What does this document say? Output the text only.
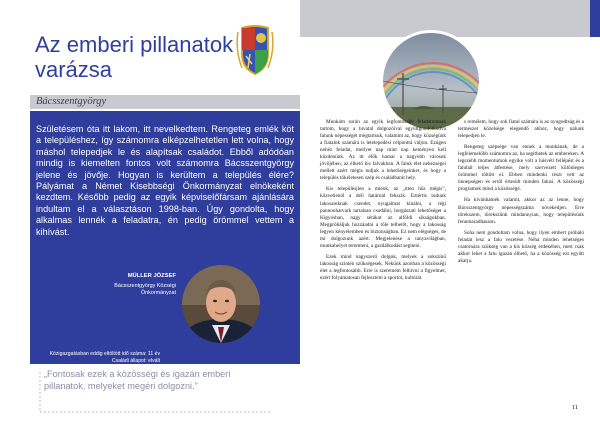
Az emberi pillanatok
varázsa
Bácsszentgyörgy
Születésem óta itt lakom, itt nevelkedtem. Rengeteg emlék köt a településhez, így számomra elképzelhetetlen lett volna, hogy máshol telepedjek le és alapítsak családot. Ebből adódóan mindig is kiemelten fontos volt számomra Bácsszentgyörgy jelene és jövője. Hogyan is kerültem a település élére? Pályámat a Német Kisebbségi Önkormányzat elnökeként kezdtem. Később pedig az egyik képviselőfársam ajánlására indultam el a választáson 1998-ban. Úgy gondolta, hogy alkalmas lennék a feladatra, én pedig örömmel vettem a kihívást.
MÜLLER JÓZSEF
Bácsszentgyörgy Községi Önkormányzat
Közigazgatásban eddig eltöltött idő száma: 11 év
Családi állapot: elvált
Gyermekek száma: 2
„Fontosak ezek a közösségi és igazán emberi pillanatok, melyeket megéri dolgozni.”

Munkám során az egyik legfontosabb feladatomnak tartom, hogy a hivatal dolgozóival együttgondolkodva falunk népességét megtartsuk, valamint az, hogy községünk a fiatalok számára is letelepedési célponttá váljon. Ezúgen nehéz feladat, mellyet nap mint nap keményen kell küzdenünk. Az itt élők hamar a nagyobb városok jövőjében, az élhető kis falvakban. A faluk élet nehézségei mellett azért mégis tudjuk a lehetőségeinket, és hogy a település tökéletesen szép és családbarát hely.

Kis településjlen a miénk, az „itten hűs mégis”, közvetlenül a déli határnál fekszik. Eztértis tudunk lakosainknak csendet, nyugalmat kínálni, a régi pannonhatvark tartalsan csodálni, horgászati lehetőséget a Kígyósban, nagy sétákat az alföldi síkságokban. Megpróbáljuk hozzáadni a tőle telhetőt, hogy a lakosság legyen kényelemben és biztonságban. Ez nem elégséges, de mi dolgozunk azért. Megjelenése a tanyavilágban, munkahelyet teremteni, a gazdálkodást segíteni.

Ezek mind nagyszerű dolgok, melyek a sokszínű lakosság szintén szükségesek. Nekünk azonban a közösségi élet a legfontosabb. Erre is szeretném felhívni a figyelmet, ezért folyamatosan fejlesztem a sportot, kultúrát.

s remélem, hogy sok fiatal számára is az nyugodtság és a természet közelsége elegendő ahhoz, hogy nálunk telepedjen le.

Rengeteg szépsége van ennek a munkának, de a legfelemelőbb számomra az, ha segíthetek az embereken. A legszebb momentumok egyike volt a húsvéti fellépést és a falubál teljes átfestése, mely szervezett különleges örömmel töltött el. Ebben mindenki részt vett az ünnepségen és erről értesült minden falusi. A közösségi programok mind a közösségé.

Ha kívánhatnék valamit, akkor az az lenne, hogy Bácsszentgyörgy népességszáma növekedjen. Erre törekszem, törekszünk mindannyian, hogy településünk fennmaradhasson.

Soha nem gondoltam volna, hogy ilyen embert próbáló feladat lesz a falu vezetése. Néha minden lehetséges csatornára szükség van a kis község érdekében, mert csak akkor lehet a falu igazán élhető, ha a közösség ezt együtt akarja.

11
